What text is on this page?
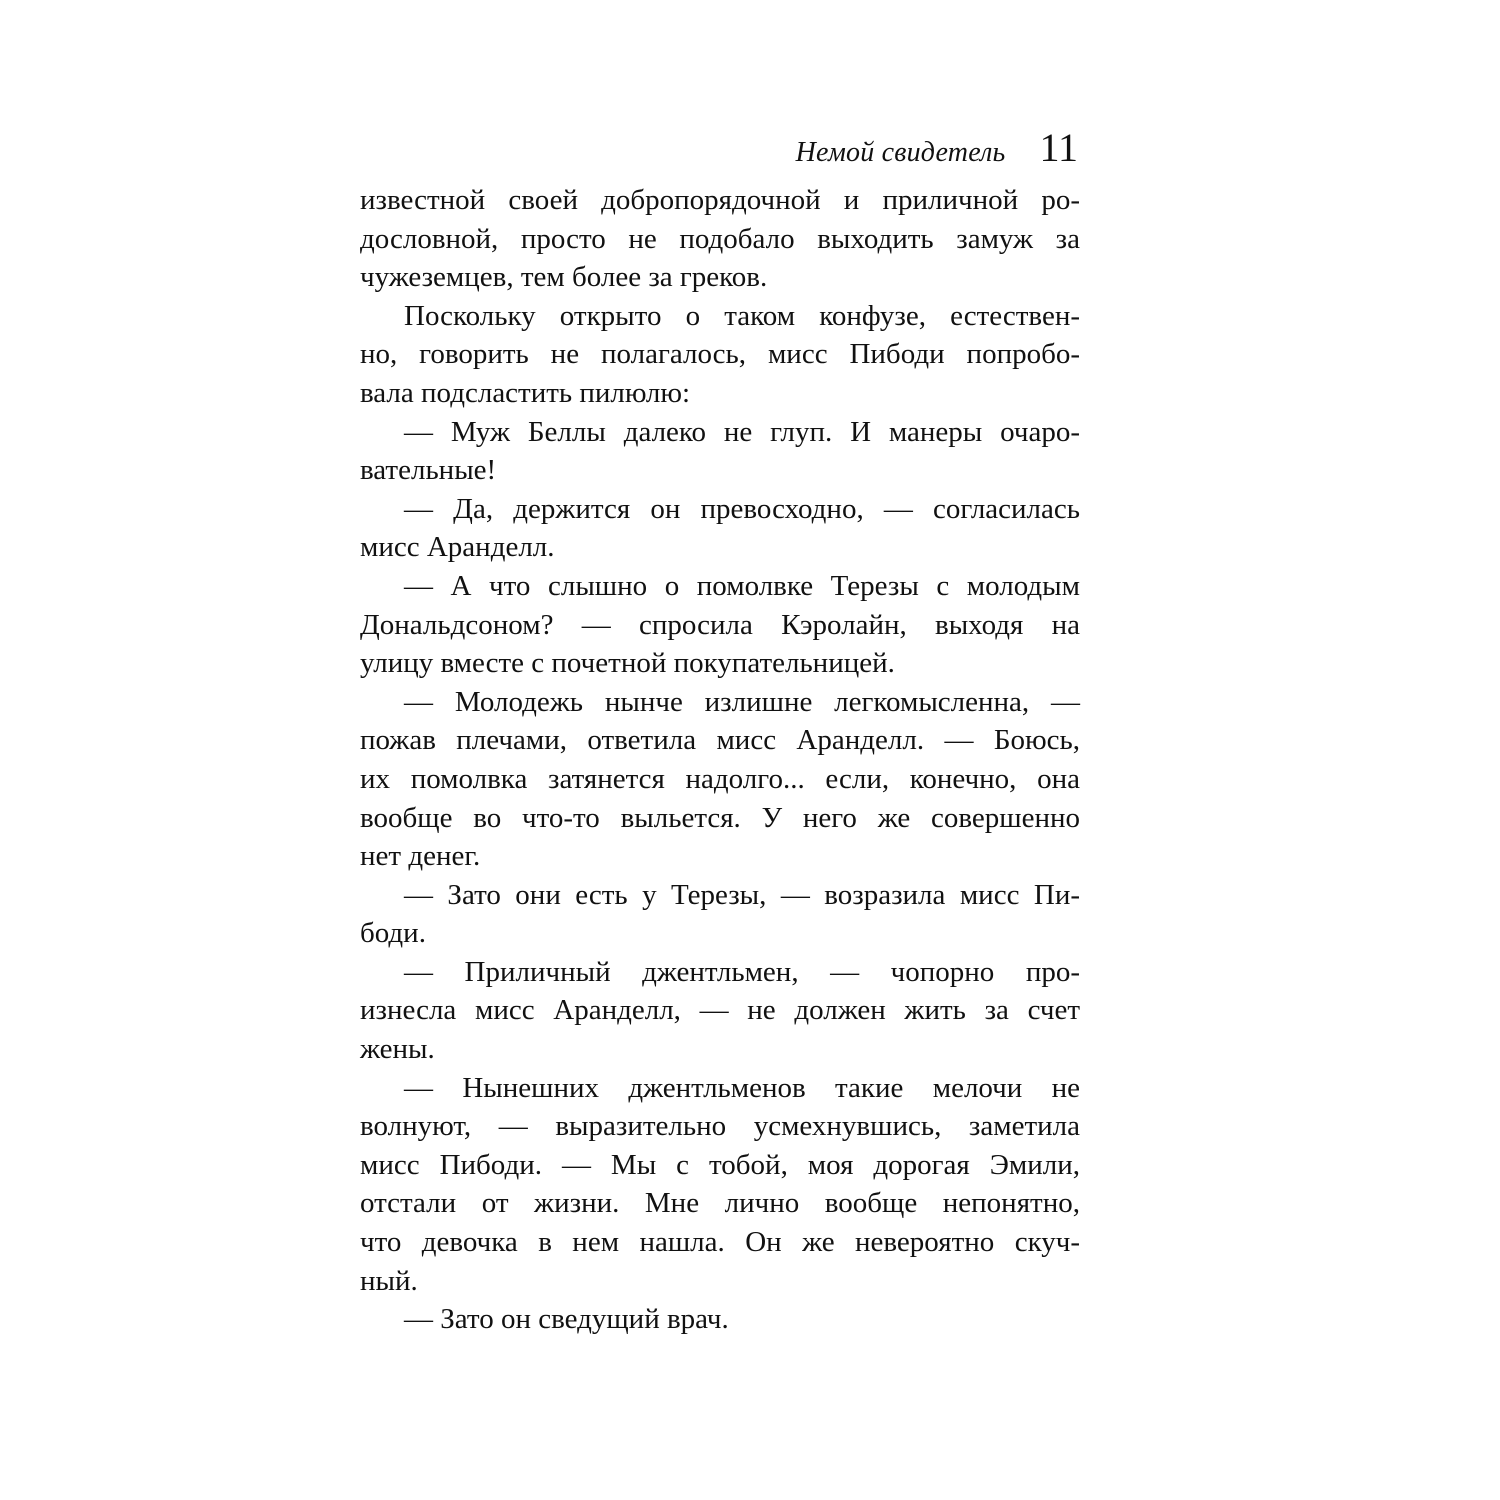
Немой свидетель 11
известной своей добропорядочной и приличной ро-
дословной, просто не подобало выходить замуж за
чужеземцев, тем более за греков.
Поскольку открыто о таком конфузе, естествен-
но, говорить не полагалось, мисс Пибоди попробо-
вала подсластить пилюлю:
— Муж Беллы далеко не глуп. И манеры очаро-
вательные!
— Да, держится он превосходно, — согласилась
мисс Аранделл.
— А что слышно о помолвке Терезы с молодым
Дональдсоном? — спросила Кэролайн, выходя на
улицу вместе с почетной покупательницей.
— Молодежь нынче излишне легкомысленна, —
пожав плечами, ответила мисс Аранделл. — Боюсь,
их помолвка затянется надолго... если, конечно, она
вообще во что-то выльется. У него же совершенно
нет денег.
— Зато они есть у Терезы, — возразила мисс Пи-
боди.
— Приличный джентльмен, — чопорно про-
изнесла мисс Аранделл, — не должен жить за счет
жены.
— Нынешних джентльменов такие мелочи не
волнуют, — выразительно усмехнувшись, заметила
мисс Пибоди. — Мы с тобой, моя дорогая Эмили,
отстали от жизни. Мне лично вообще непонятно,
что девочка в нем нашла. Он же невероятно скуч-
ный.
— Зато он сведущий врач.
